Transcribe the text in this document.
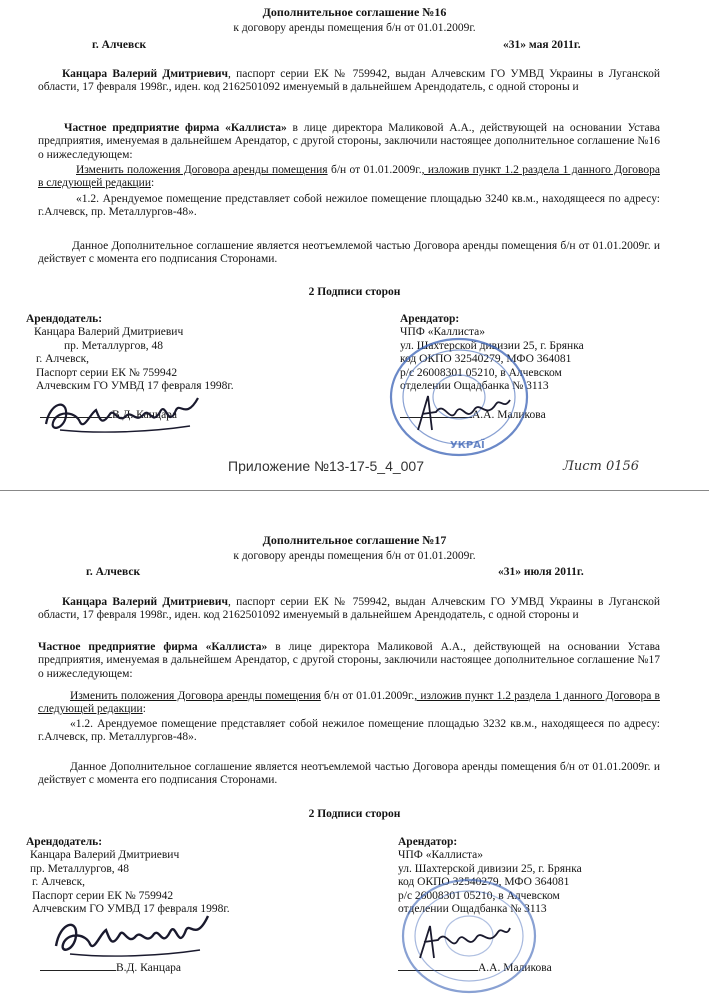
Дополнительное соглашение №16
к договору аренды помещения б/н от 01.01.2009г.
г. Алчевск	«31» мая 2011г.
Канцара Валерий Дмитриевич, паспорт серии ЕК № 759942, выдан Алчевским ГО УМВД Украины в Луганской области, 17 февраля 1998г., иден. код 2162501092 именуемый в дальнейшем Арендодатель, с одной стороны и
Частное предприятие фирма «Каллиста» в лице директора Маликовой А.А., действующей на основании Устава предприятия, именуемая в дальнейшем Арендатор, с другой стороны, заключили настоящее дополнительное соглашение №16 о нижеследующем:
Изменить положения Договора аренды помещения б/н от 01.01.2009г., изложив пункт 1.2 раздела 1 данного Договора в следующей редакции:
«1.2. Арендуемое помещение представляет собой нежилое помещение площадью 3240 кв.м., находящееся по адресу: г.Алчевск, пр. Металлургов-48».
Данное Дополнительное соглашение является неотъемлемой частью Договора аренды помещения б/н от 01.01.2009г. и действует с момента его подписания Сторонами.
2 Подписи сторон
Арендодатель:
Канцара Валерий Дмитриевич
пр. Металлургов, 48
г. Алчевск,
Паспорт серии ЕК № 759942
Алчевским ГО УМВД 17 февраля 1998г.
В.Д. Канцара
Арендатор:
ЧПФ «Каллиста»
ул. Шахтерской дивизии 25, г. Брянка
код ОКПО 32540279, МФО 364081
р/с 26008301 05210, в Алчевском
отделении Ощадбанка № 3113
А.А. Маликова
УКРАЇ
Приложение №13-17-5_4_007	Лист 0156
Дополнительное соглашение №17
к договору аренды помещения б/н от 01.01.2009г.
г. Алчевск	«31» июля 2011г.
Канцара Валерий Дмитриевич, паспорт серии ЕК № 759942, выдан Алчевским ГО УМВД Украины в Луганской области, 17 февраля 1998г., иден. код 2162501092 именуемый в дальнейшем Арендодатель, с одной стороны и
Частное предприятие фирма «Каллиста» в лице директора Маликовой А.А., действующей на основании Устава предприятия, именуемая в дальнейшем Арендатор, с другой стороны, заключили настоящее дополнительное соглашение №17 о нижеследующем:
Изменить положения Договора аренды помещения б/н от 01.01.2009г., изложив пункт 1.2 раздела 1 данного Договора в следующей редакции:
«1.2. Арендуемое помещение представляет собой нежилое помещение площадью 3232 кв.м., находящееся по адресу: г.Алчевск, пр. Металлургов-48».
Данное Дополнительное соглашение является неотъемлемой частью Договора аренды помещения б/н от 01.01.2009г. и действует с момента его подписания Сторонами.
2 Подписи сторон
Арендодатель:
Канцара Валерий Дмитриевич
пр. Металлургов, 48
г. Алчевск,
Паспорт серии ЕК № 759942
Алчевским ГО УМВД 17 февраля 1998г.
В.Д. Канцара
Арендатор:
ЧПФ «Каллиста»
ул. Шахтерской дивизии 25, г. Брянка
код ОКПО 32540279, МФО 364081
р/с 26008301 05210, в Алчевском
отделении Ощадбанка № 3113
А.А. Маликова
